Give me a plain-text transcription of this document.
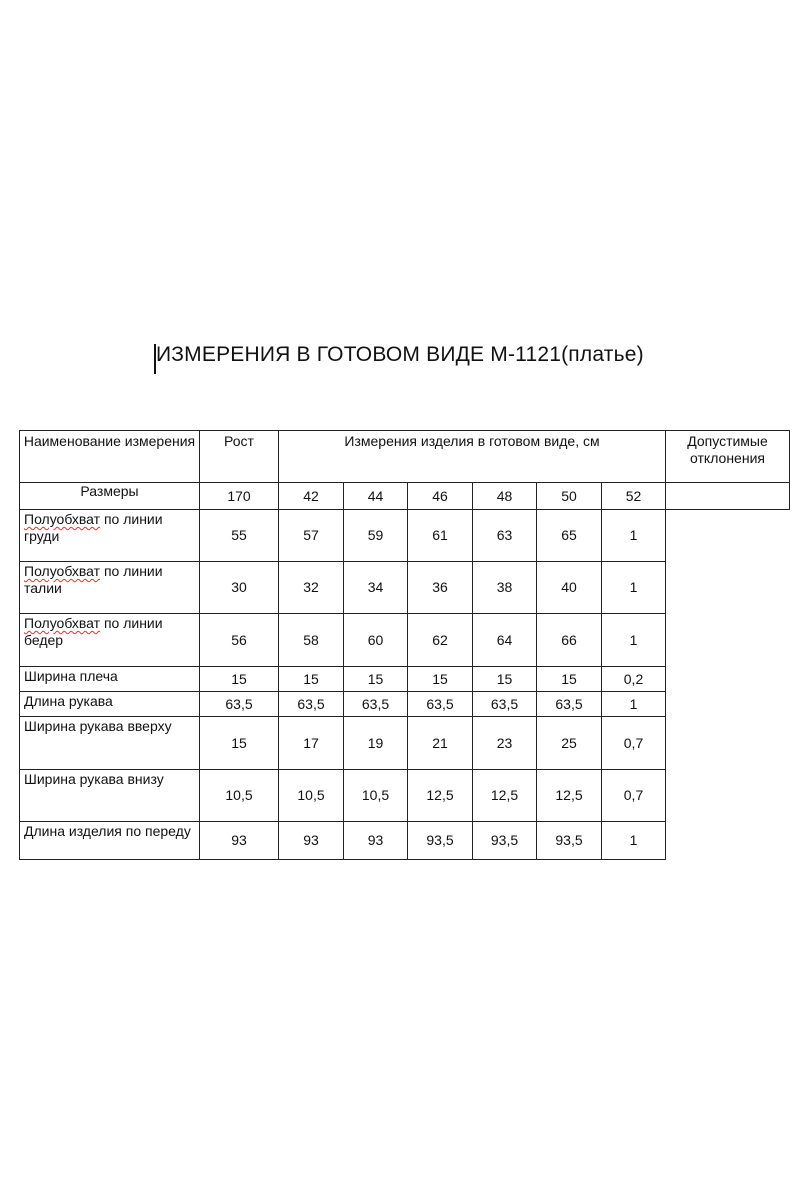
ИЗМЕРЕНИЯ В ГОТОВОМ ВИДЕ М-1121(платье)
Наименование измерения	Рост	Измерения изделия в готовом виде, см						Допустимые отклонения
Размеры	170	42	44	46	48	50	52	
Полуобхват по линии груди	55	57	59	61	63	65	1	
Полуобхват по линии талии	30	32	34	36	38	40	1	
Полуобхват по линии бедер	56	58	60	62	64	66	1	
Ширина плеча	15	15	15	15	15	15	0,2	
Длина рукава	63,5	63,5	63,5	63,5	63,5	63,5	1	
Ширина рукава вверху	15	17	19	21	23	25	0,7	
Ширина рукава внизу	10,5	10,5	10,5	12,5	12,5	12,5	0,7	
Длина изделия по переду	93	93	93	93,5	93,5	93,5	1	
